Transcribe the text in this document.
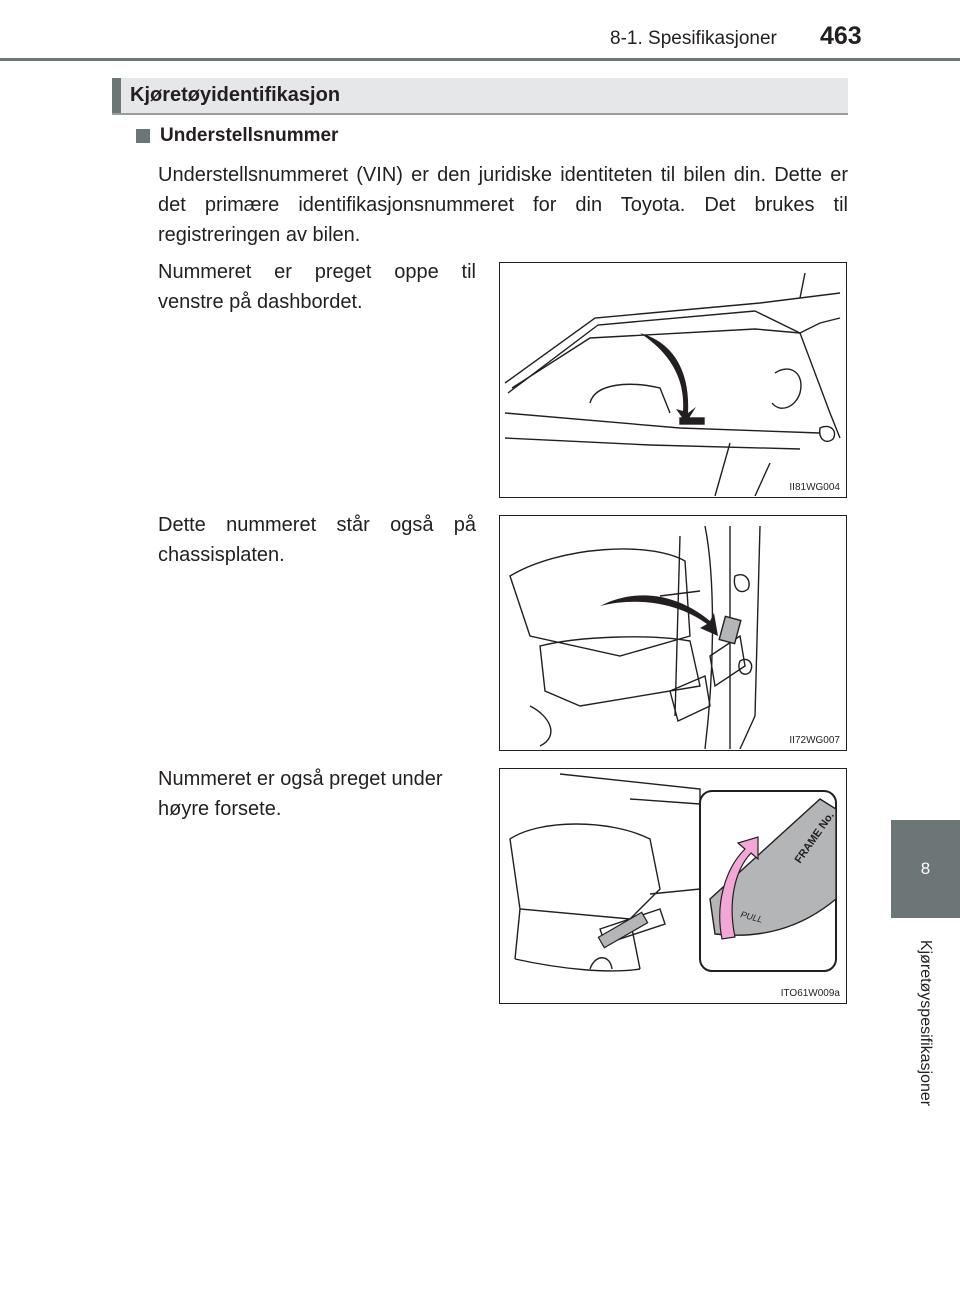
8-1. Spesifikasjoner 463
8
Kjøretøyspesifikasjoner
Kjøretøyidentifikasjon
Understellsnummer
Understellsnummeret (VIN) er den juridiske identiteten til bilen din. Dette er det primære identifikasjonsnummeret for din Toyota. Det brukes til registreringen av bilen.
Nummeret er preget oppe til venstre på dashbordet.
II81WG004
Dette nummeret står også på chassisplaten.
II72WG007
Nummeret er også preget under høyre forsete.
FRAME No.
PULL
ITO61W009a
